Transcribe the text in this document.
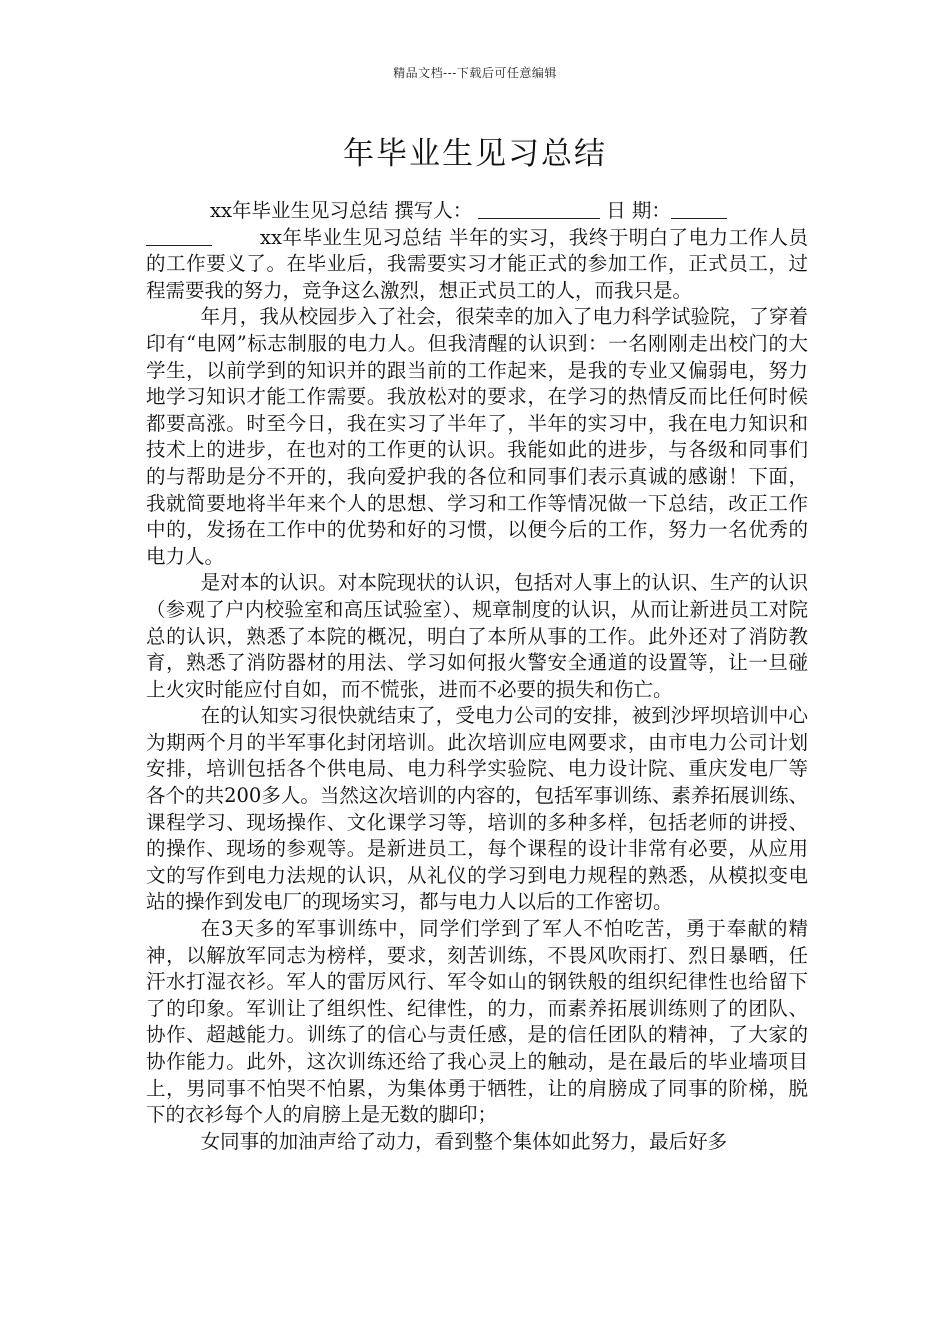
精品文档---下载后可任意编辑
年毕业生见习总结

xx年毕业生见习总结 撰写人：	日 期：
xx年毕业生见习总结 半年的实习，我终于明白了电力工作人员的工作要义了。在毕业后，我需要实习才能正式的参加工作，正式员工，过程需要我的努力，竞争这么激烈，想正式员工的人，而我只是。

年月，我从校园步入了社会，很荣幸的加入了电力科学试验院，了穿着印有“电网”标志制服的电力人。但我清醒的认识到：一名刚刚走出校门的大学生，以前学到的知识并的跟当前的工作起来，是我的专业又偏弱电，努力地学习知识才能工作需要。我放松对的要求，在学习的热情反而比任何时候都要高涨。时至今日，我在实习了半年了，半年的实习中，我在电力知识和技术上的进步，在也对的工作更的认识。我能如此的进步，与各级和同事们的与帮助是分不开的，我向爱护我的各位和同事们表示真诚的感谢！下面，我就简要地将半年来个人的思想、学习和工作等情况做一下总结，改正工作中的，发扬在工作中的优势和好的习惯，以便今后的工作，努力一名优秀的电力人。

是对本的认识。对本院现状的认识，包括对人事上的认识、生产的认识（参观了户内校验室和高压试验室）、规章制度的认识，从而让新进员工对院总的认识，熟悉了本院的概况，明白了本所从事的工作。此外还对了消防教育，熟悉了消防器材的用法、学习如何报火警安全通道的设置等，让一旦碰上火灾时能应付自如，而不慌张，进而不必要的损失和伤亡。

在的认知实习很快就结束了，受电力公司的安排，被到沙坪坝培训中心为期两个月的半军事化封闭培训。此次培训应电网要求，由市电力公司计划安排，培训包括各个供电局、电力科学实验院、电力设计院、重庆发电厂等各个的共200多人。当然这次培训的内容的，包括军事训练、素养拓展训练、课程学习、现场操作、文化课学习等，培训的多种多样，包括老师的讲授、的操作、现场的参观等。是新进员工，每个课程的设计非常有必要，从应用文的写作到电力法规的认识，从礼仪的学习到电力规程的熟悉，从模拟变电站的操作到发电厂的现场实习，都与电力人以后的工作密切。

在3天多的军事训练中，同学们学到了军人不怕吃苦，勇于奉献的精神，以解放军同志为榜样，要求，刻苦训练，不畏风吹雨打、烈日暴晒，任汗水打湿衣衫。军人的雷厉风行、军令如山的钢铁般的组织纪律性也给留下了的印象。军训让了组织性、纪律性，的力，而素养拓展训练则了的团队、协作、超越能力。训练了的信心与责任感，是的信任团队的精神，了大家的协作能力。此外，这次训练还给了我心灵上的触动，是在最后的毕业墙项目上，男同事不怕哭不怕累，为集体勇于牺牲，让的肩膀成了同事的阶梯，脱下的衣衫每个人的肩膀上是无数的脚印；

女同事的加油声给了动力，看到整个集体如此努力，最后好多
